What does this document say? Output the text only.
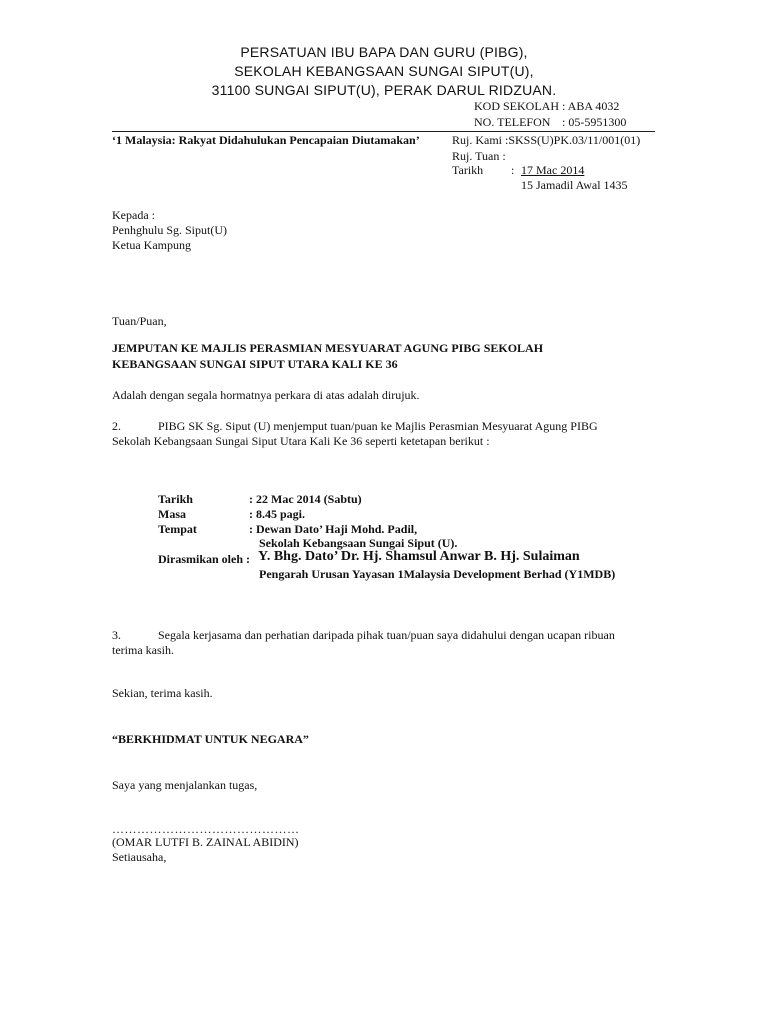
PERSATUAN IBU BAPA DAN GURU (PIBG),
SEKOLAH KEBANGSAAN SUNGAI SIPUT(U),
31100 SUNGAI SIPUT(U), PERAK DARUL RIDZUAN.
KOD SEKOLAH : ABA 4032
NO. TELEFON : 05-5951300
‘1 Malaysia: Rakyat Didahulukan Pencapaian Diutamakan’	Ruj. Kami :SKSS(U)PK.03/11/001(01)
Ruj. Tuan :
Tarikh : 17 Mac 2014
15 Jamadil Awal 1435
Kepada :
Penhghulu Sg. Siput(U)
Ketua Kampung
Tuan/Puan,
JEMPUTAN KE MAJLIS PERASMIAN MESYUARAT AGUNG PIBG SEKOLAH
KEBANGSAAN SUNGAI SIPUT UTARA KALI KE 36
Adalah dengan segala hormatnya perkara di atas adalah dirujuk.
2.	PIBG SK Sg. Siput (U) menjemput tuan/puan ke Majlis Perasmian Mesyuarat Agung PIBG
Sekolah Kebangsaan Sungai Siput Utara Kali Ke 36 seperti ketetapan berikut :
Tarikh	: 22 Mac 2014 (Sabtu)
Masa	: 8.45 pagi.
Tempat	: Dewan Dato’ Haji Mohd. Padil,
Sekolah Kebangsaan Sungai Siput (U).
Dirasmikan oleh : Y. Bhg. Dato’ Dr. Hj. Shamsul Anwar B. Hj. Sulaiman
Pengarah Urusan Yayasan 1Malaysia Development Berhad (Y1MDB)
3.	Segala kerjasama dan perhatian daripada pihak tuan/puan saya didahului dengan ucapan ribuan
terima kasih.
Sekian, terima kasih.
“BERKHIDMAT UNTUK NEGARA”
Saya yang menjalankan tugas,
………………………………………
(OMAR LUTFI B. ZAINAL ABIDIN)
Setiausaha,
